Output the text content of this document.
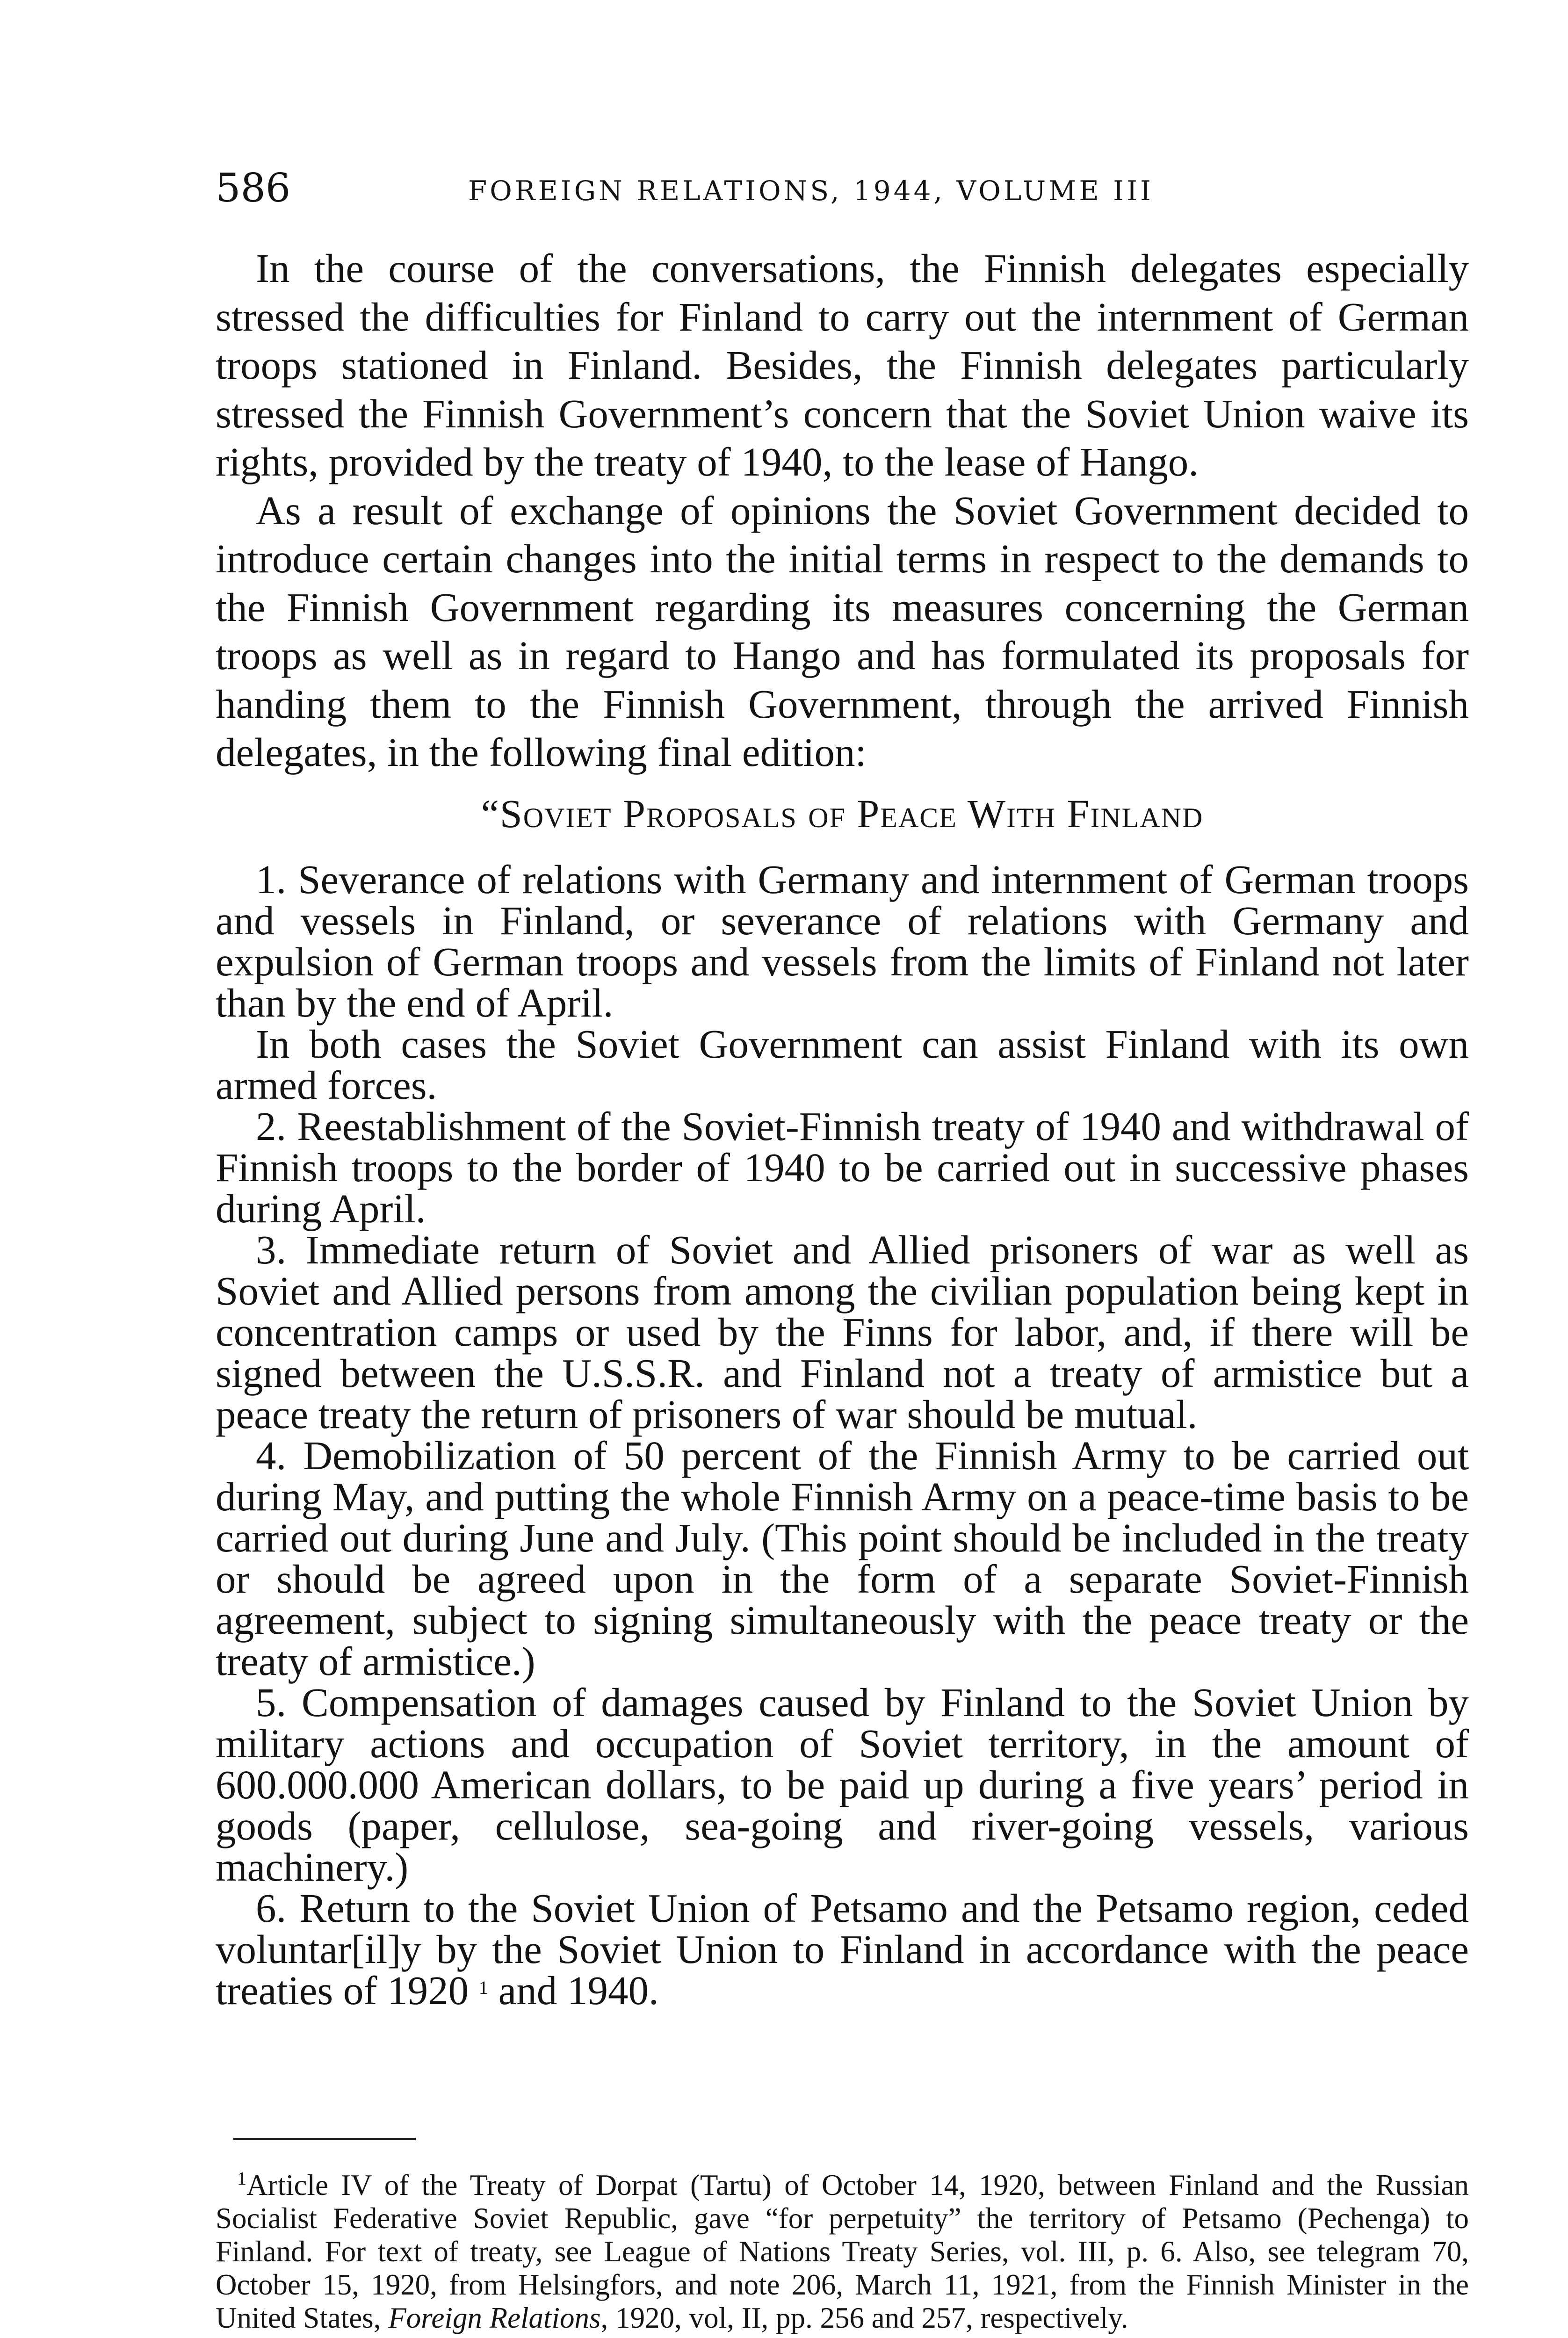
586	FOREIGN RELATIONS, 1944, VOLUME III

In the course of the conversations, the Finnish delegates especially stressed the difficulties for Finland to carry out the internment of German troops stationed in Finland. Besides, the Finnish delegates particularly stressed the Finnish Government’s concern that the Soviet Union waive its rights, provided by the treaty of 1940, to the lease of Hango.

As a result of exchange of opinions the Soviet Government decided to introduce certain changes into the initial terms in respect to the demands to the Finnish Government regarding its measures concerning the German troops as well as in regard to Hango and has formulated its proposals for handing them to the Finnish Government, through the arrived Finnish delegates, in the following final edition:

“Soviet Proposals of Peace With Finland

1. Severance of relations with Germany and internment of German troops and vessels in Finland, or severance of relations with Germany and expulsion of German troops and vessels from the limits of Finland not later than by the end of April.

In both cases the Soviet Government can assist Finland with its own armed forces.

2. Reestablishment of the Soviet-Finnish treaty of 1940 and withdrawal of Finnish troops to the border of 1940 to be carried out in successive phases during April.

3. Immediate return of Soviet and Allied prisoners of war as well as Soviet and Allied persons from among the civilian population being kept in concentration camps or used by the Finns for labor, and, if there will be signed between the U.S.S.R. and Finland not a treaty of armistice but a peace treaty the return of prisoners of war should be mutual.

4. Demobilization of 50 percent of the Finnish Army to be carried out during May, and putting the whole Finnish Army on a peace-time basis to be carried out during June and July. (This point should be included in the treaty or should be agreed upon in the form of a separate Soviet-Finnish agreement, subject to signing simultaneously with the peace treaty or the treaty of armistice.)

5. Compensation of damages caused by Finland to the Soviet Union by military actions and occupation of Soviet territory, in the amount of 600.000.000 American dollars, to be paid up during a five years’ period in goods (paper, cellulose, sea-going and river-going vessels, various machinery.)

6. Return to the Soviet Union of Petsamo and the Petsamo region, ceded voluntar[il]y by the Soviet Union to Finland in accordance with the peace treaties of 1920 $^1$ and 1940.

$^1$Article IV of the Treaty of Dorpat (Tartu) of October 14, 1920, between Finland and the Russian Socialist Federative Soviet Republic, gave “for perpetuity” the territory of Petsamo (Pechenga) to Finland. For text of treaty, see League of Nations Treaty Series, vol. III, p. 6. Also, see telegram 70, October 15, 1920, from Helsingfors, and note 206, March 11, 1921, from the Finnish Minister in the United States, Foreign Relations, 1920, vol, II, pp. 256 and 257, respectively.
